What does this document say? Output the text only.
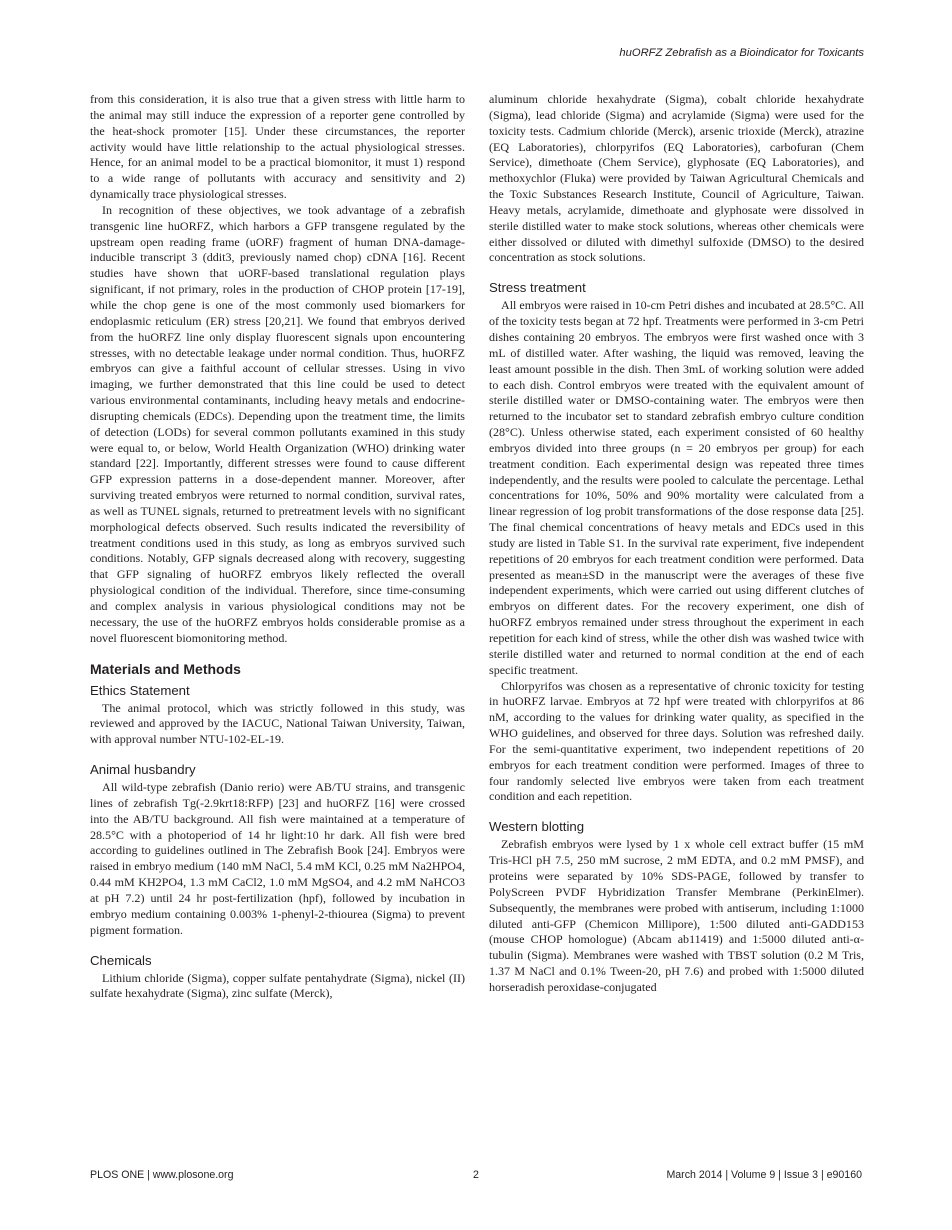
huORFZ Zebrafish as a Bioindicator for Toxicants

from this consideration, it is also true that a given stress with little harm to the animal may still induce the expression of a reporter gene controlled by the heat-shock promoter [15]. Under these circumstances, the reporter activity would have little relationship to the actual physiological stresses. Hence, for an animal model to be a practical biomonitor, it must 1) respond to a wide range of pollutants with accuracy and sensitivity and 2) dynamically trace physiological stresses.

In recognition of these objectives, we took advantage of a zebrafish transgenic line huORFZ, which harbors a GFP transgene regulated by the upstream open reading frame (uORF) fragment of human DNA-damage-inducible transcript 3 (ddit3, previously named chop) cDNA [16]. Recent studies have shown that uORF-based translational regulation plays significant, if not primary, roles in the production of CHOP protein [17-19], while the chop gene is one of the most commonly used biomarkers for endoplasmic reticulum (ER) stress [20,21]. We found that embryos derived from the huORFZ line only display fluorescent signals upon encountering stresses, with no detectable leakage under normal condition. Thus, huORFZ embryos can give a faithful account of cellular stresses. Using in vivo imaging, we further demonstrated that this line could be used to detect various environmental contaminants, including heavy metals and endocrine-disrupting chemicals (EDCs). Depending upon the treatment time, the limits of detection (LODs) for several common pollutants examined in this study were equal to, or below, World Health Organization (WHO) drinking water standard [22]. Importantly, different stresses were found to cause different GFP expression patterns in a dose-dependent manner. Moreover, after surviving treated embryos were returned to normal condition, survival rates, as well as TUNEL signals, returned to pretreatment levels with no significant morphological defects observed. Such results indicated the reversibility of treatment conditions used in this study, as long as embryos survived such conditions. Notably, GFP signals decreased along with recovery, suggesting that GFP signaling of huORFZ embryos likely reflected the overall physiological condition of the individual. Therefore, since time-consuming and complex analysis in various physiological conditions may not be necessary, the use of the huORFZ embryos holds considerable promise as a novel fluorescent biomonitoring method.

Materials and Methods
Ethics Statement

The animal protocol, which was strictly followed in this study, was reviewed and approved by the IACUC, National Taiwan University, Taiwan, with approval number NTU-102-EL-19.

Animal husbandry

All wild-type zebrafish (Danio rerio) were AB/TU strains, and transgenic lines of zebrafish Tg(-2.9krt18:RFP) [23] and huORFZ [16] were crossed into the AB/TU background. All fish were maintained at a temperature of 28.5°C with a photoperiod of 14 hr light:10 hr dark. All fish were bred according to guidelines outlined in The Zebrafish Book [24]. Embryos were raised in embryo medium (140 mM NaCl, 5.4 mM KCl, 0.25 mM Na2HPO4, 0.44 mM KH2PO4, 1.3 mM CaCl2, 1.0 mM MgSO4, and 4.2 mM NaHCO3 at pH 7.2) until 24 hr post-fertilization (hpf), followed by incubation in embryo medium containing 0.003% 1-phenyl-2-thiourea (Sigma) to prevent pigment formation.

Chemicals

Lithium chloride (Sigma), copper sulfate pentahydrate (Sigma), nickel (II) sulfate hexahydrate (Sigma), zinc sulfate (Merck),

aluminum chloride hexahydrate (Sigma), cobalt chloride hexahydrate (Sigma), lead chloride (Sigma) and acrylamide (Sigma) were used for the toxicity tests. Cadmium chloride (Merck), arsenic trioxide (Merck), atrazine (EQ Laboratories), chlorpyrifos (EQ Laboratories), carbofuran (Chem Service), dimethoate (Chem Service), glyphosate (EQ Laboratories), and methoxychlor (Fluka) were provided by Taiwan Agricultural Chemicals and the Toxic Substances Research Institute, Council of Agriculture, Taiwan. Heavy metals, acrylamide, dimethoate and glyphosate were dissolved in sterile distilled water to make stock solutions, whereas other chemicals were either dissolved or diluted with dimethyl sulfoxide (DMSO) to the desired concentration as stock solutions.

Stress treatment

All embryos were raised in 10-cm Petri dishes and incubated at 28.5°C. All of the toxicity tests began at 72 hpf. Treatments were performed in 3-cm Petri dishes containing 20 embryos. The embryos were first washed once with 3 mL of distilled water. After washing, the liquid was removed, leaving the least amount possible in the dish. Then 3mL of working solution were added to each dish. Control embryos were treated with the equivalent amount of sterile distilled water or DMSO-containing water. The embryos were then returned to the incubator set to standard zebrafish embryo culture condition (28°C). Unless otherwise stated, each experiment consisted of 60 healthy embryos divided into three groups (n = 20 embryos per group) for each treatment condition. Each experimental design was repeated three times independently, and the results were pooled to calculate the percentage. Lethal concentrations for 10%, 50% and 90% mortality were calculated from a linear regression of log probit transformations of the dose response data [25]. The final chemical concentrations of heavy metals and EDCs used in this study are listed in Table S1. In the survival rate experiment, five independent repetitions of 20 embryos for each treatment condition were performed. Data presented as mean±SD in the manuscript were the averages of these five independent experiments, which were carried out using different clutches of embryos on different dates. For the recovery experiment, one dish of huORFZ embryos remained under stress throughout the experiment in each repetition for each kind of stress, while the other dish was washed twice with sterile distilled water and returned to normal condition at the end of each specific treatment.

Chlorpyrifos was chosen as a representative of chronic toxicity for testing in huORFZ larvae. Embryos at 72 hpf were treated with chlorpyrifos at 86 nM, according to the values for drinking water quality, as specified in the WHO guidelines, and observed for three days. Solution was refreshed daily. For the semi-quantitative experiment, two independent repetitions of 20 embryos for each treatment condition were performed. Images of three to four randomly selected live embryos were taken from each treatment condition and each repetition.

Western blotting

Zebrafish embryos were lysed by 1 x whole cell extract buffer (15 mM Tris-HCl pH 7.5, 250 mM sucrose, 2 mM EDTA, and 0.2 mM PMSF), and proteins were separated by 10% SDS-PAGE, followed by transfer to PolyScreen PVDF Hybridization Transfer Membrane (PerkinElmer). Subsequently, the membranes were probed with antiserum, including 1:1000 diluted anti-GFP (Chemicon Millipore), 1:500 diluted anti-GADD153 (mouse CHOP homologue) (Abcam ab11419) and 1:5000 diluted anti-α-tubulin (Sigma). Membranes were washed with TBST solution (0.2 M Tris, 1.37 M NaCl and 0.1% Tween-20, pH 7.6) and probed with 1:5000 diluted horseradish peroxidase-conjugated

PLOS ONE | www.plosone.org	2	March 2014 | Volume 9 | Issue 3 | e90160
